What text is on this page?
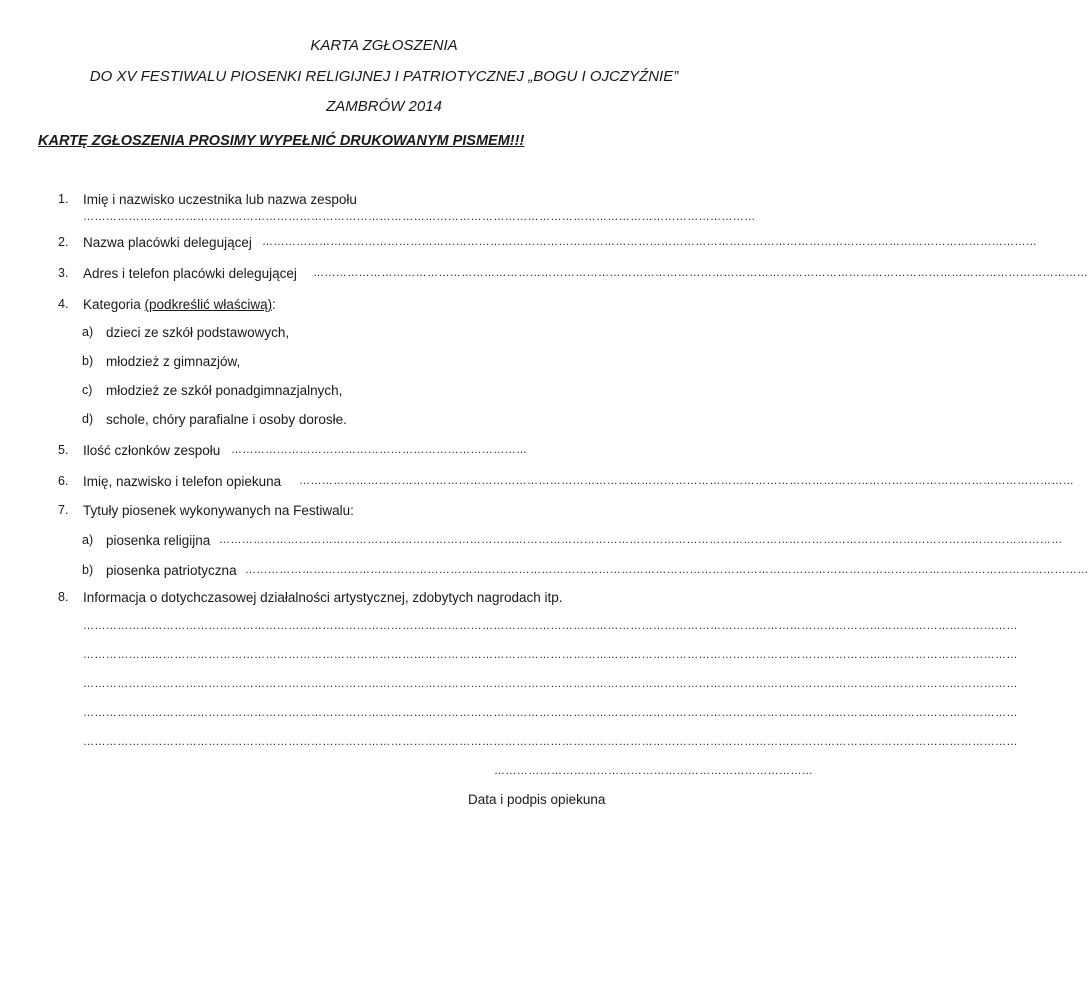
KARTA ZGŁOSZENIA
DO XV FESTIWALU PIOSENKI RELIGIJNEJ I PATRIOTYCZNEJ „BOGU I OJCZYŹNIE”
ZAMBRÓW 2014
KARTĘ ZGŁOSZENIA PROSIMY WYPEŁNIĆ DRUKOWANYM PISMEM!!!
1.	Imię i nazwisko uczestnika lub nazwa zespołu
……………………………………………………………………………………………………………………………………………………………
2.	Nazwa placówki delegującej ……………………………………………………………………………………………………………………………………………………………………………………
3.	Adres i telefon placówki delegującej ……………………………………………………………………………………………………………………………………………………………………………………
4.	Kategoria (podkreślić właściwą):
a) dzieci ze szkół podstawowych,
b) młodzież z gimnazjów,
c)	młodzież ze szkół ponadgimnazjalnych,
d) schole, chóry parafialne i osoby dorosłe.
5.	Ilość członków zespołu ……………………………………………………………………
6.	Imię, nazwisko i telefon opiekuna ……………………………………………………………………………………………………………………………………………………………………………………
7.	Tytuły piosenek wykonywanych na Festiwalu:
a) piosenka religijna ……………………………………………………………………………………………………………………………………………………………………………………………………
b) piosenka patriotyczna ……………………………………………………………………………………………………………………………………………………………………………………………………
8.	Informacja o dotychczasowej działalności artystycznej, zdobytych nagrodach itp.
…………………………………………………………………………………………………………………………………………………………………………………………………………………………
…………………………………………………………………………………………………………………………………………………………………………………………………………………………
…………………………………………………………………………………………………………………………………………………………………………………………………………………………
…………………………………………………………………………………………………………………………………………………………………………………………………………………………
…………………………………………………………………………………………………………………………………………………………………………………………………………………………
…………………………………………………………………………
Data i podpis opiekuna
